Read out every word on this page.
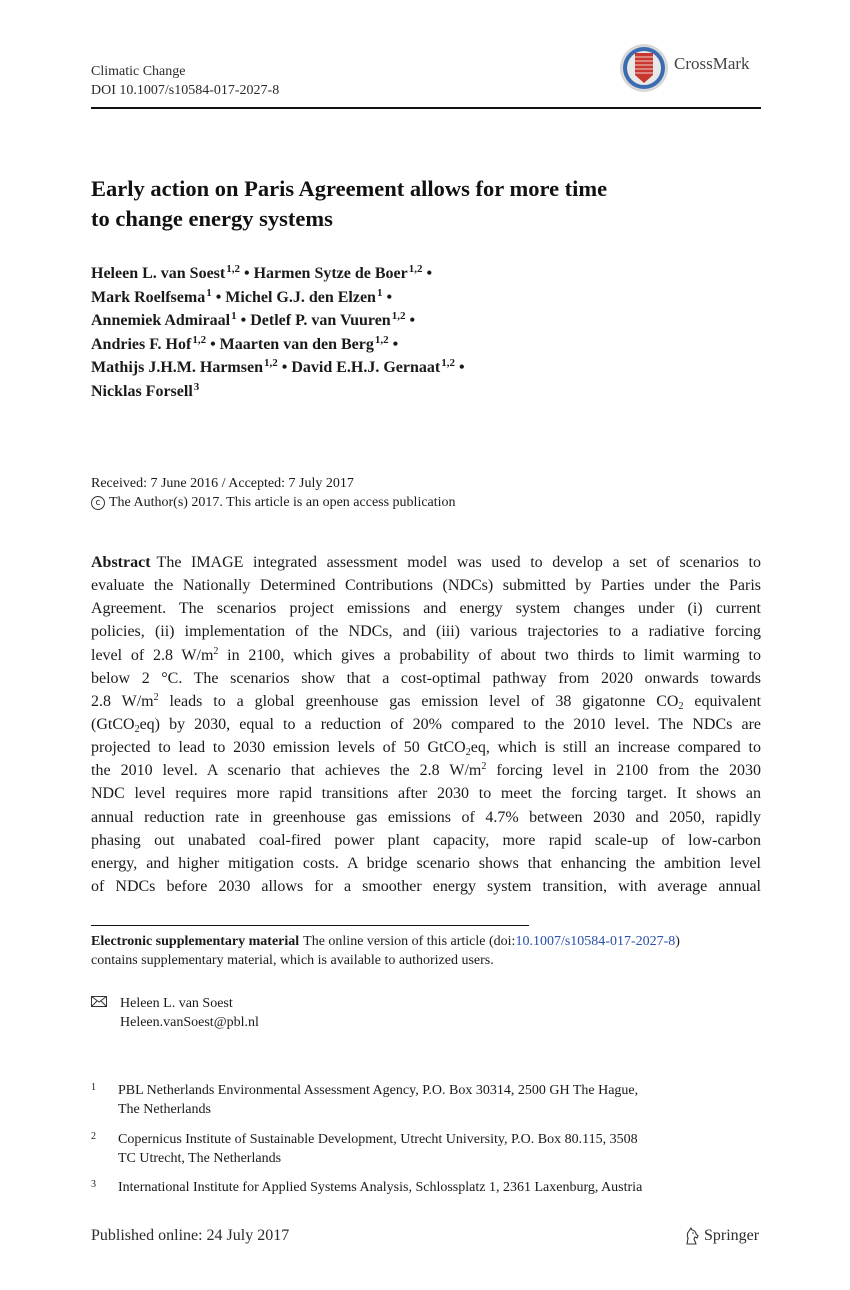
Climatic Change
DOI 10.1007/s10584-017-2027-8
CrossMark
Early action on Paris Agreement allows for more time
to change energy systems
Heleen L. van Soest$^{1,2}$ • Harmen Sytze de Boer$^{1,2}$ •
Mark Roelfsema$^1$ • Michel G.J. den Elzen$^1$ •
Annemiek Admiraal$^1$ • Detlef P. van Vuuren$^{1,2}$ •
Andries F. Hof$^{1,2}$ • Maarten van den Berg$^{1,2}$ •
Mathijs J.H.M. Harmsen$^{1,2}$ • David E.H.J. Gernaat$^{1,2}$ •
Nicklas Forsell$^3$
Received: 7 June 2016 / Accepted: 7 July 2017
c The Author(s) 2017. This article is an open access publication
Abstract The IMAGE integrated assessment model was used to develop a set of scenarios to
evaluate the Nationally Determined Contributions (NDCs) submitted by Parties under the Paris
Agreement. The scenarios project emissions and energy system changes under (i) current
policies, (ii) implementation of the NDCs, and (iii) various trajectories to a radiative forcing
level of 2.8 $W/m^2$ in 2100, which gives a probability of about two thirds to limit warming to
below 2 °C. The scenarios show that a cost-optimal pathway from 2020 onwards towards
2.8 $W/m^2$ leads to a global greenhouse gas emission level of 38 gigatonne $CO_2$ equivalent
(GtCO$_2$eq) by 2030, equal to a reduction of 20% compared to the 2010 level. The NDCs are
projected to lead to 2030 emission levels of 50 GtCO$_2$eq, which is still an increase compared to
the 2010 level. A scenario that achieves the 2.8 $W/m^2$ forcing level in 2100 from the 2030
NDC level requires more rapid transitions after 2030 to meet the forcing target. It shows an
annual reduction rate in greenhouse gas emissions of 4.7% between 2030 and 2050, rapidly
phasing out unabated coal-fired power plant capacity, more rapid scale-up of low-carbon
energy, and higher mitigation costs. A bridge scenario shows that enhancing the ambition level
of NDCs before 2030 allows for a smoother energy system transition, with average annual
Electronic supplementary material The online version of this article (doi:10.1007/s10584-017-2027-8)
contains supplementary material, which is available to authorized users.
Heleen L. van Soest
Heleen.vanSoest@pbl.nl
1 PBL Netherlands Environmental Assessment Agency, P.O. Box 30314, 2500 GH The Hague,
The Netherlands
2 Copernicus Institute of Sustainable Development, Utrecht University, P.O. Box 80.115, 3508
TC Utrecht, The Netherlands
3 International Institute for Applied Systems Analysis, Schlossplatz 1, 2361 Laxenburg, Austria
Published online: 24 July 2017	Springer
